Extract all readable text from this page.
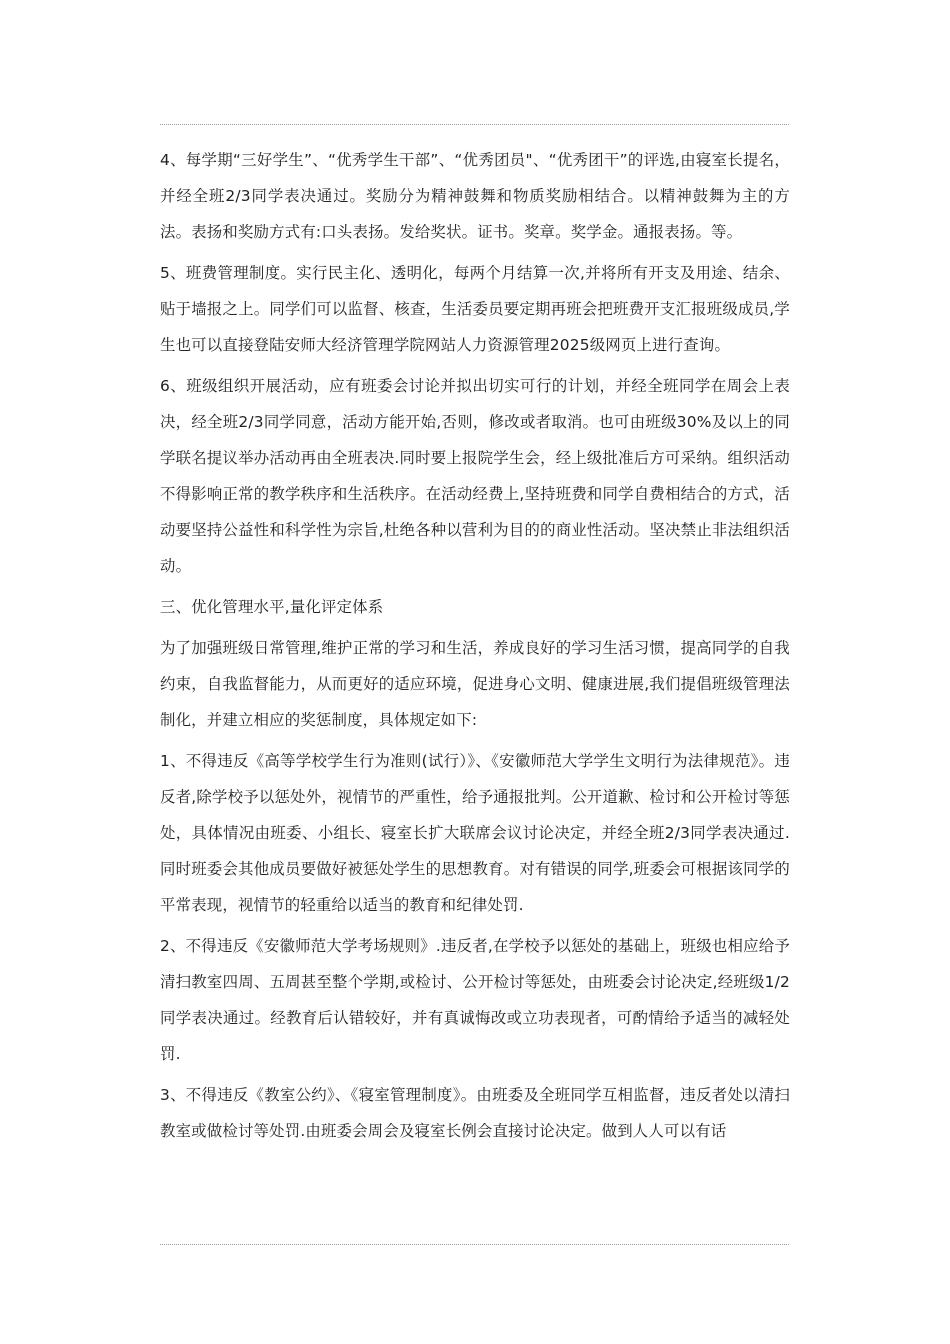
4、每学期“三好学生”、“优秀学生干部”、“优秀团员"、“优秀团干”的评选,由寝室长提名，并经全班2/3同学表决通过。奖励分为精神鼓舞和物质奖励相结合。以精神鼓舞为主的方法。表扬和奖励方式有:口头表扬。发给奖状。证书。奖章。奖学金。通报表扬。等。

5、班费管理制度。实行民主化、透明化，每两个月结算一次,并将所有开支及用途、结余、贴于墙报之上。同学们可以监督、核查，生活委员要定期再班会把班费开支汇报班级成员,学生也可以直接登陆安师大经济管理学院网站人力资源管理2025级网页上进行查询。

6、班级组织开展活动，应有班委会讨论并拟出切实可行的计划，并经全班同学在周会上表决，经全班2/3同学同意，活动方能开始,否则，修改或者取消。也可由班级30%及以上的同学联名提议举办活动再由全班表决.同时要上报院学生会，经上级批准后方可采纳。组织活动不得影响正常的教学秩序和生活秩序。在活动经费上,坚持班费和同学自费相结合的方式，活动要坚持公益性和科学性为宗旨,杜绝各种以营利为目的的商业性活动。坚决禁止非法组织活动。

三、优化管理水平,量化评定体系

为了加强班级日常管理,维护正常的学习和生活，养成良好的学习生活习惯，提高同学的自我约束，自我监督能力，从而更好的适应环境，促进身心文明、健康进展,我们提倡班级管理法制化，并建立相应的奖惩制度，具体规定如下:

1、不得违反《高等学校学生行为准则(试行）》、《安徽师范大学学生文明行为法律规范》。违反者,除学校予以惩处外，视情节的严重性，给予通报批判。公开道歉、检讨和公开检讨等惩处，具体情况由班委、小组长、寝室长扩大联席会议讨论决定，并经全班2/3同学表决通过.同时班委会其他成员要做好被惩处学生的思想教育。对有错误的同学,班委会可根据该同学的平常表现，视情节的轻重给以适当的教育和纪律处罚.

2、不得违反《安徽师范大学考场规则》.违反者,在学校予以惩处的基础上，班级也相应给予清扫教室四周、五周甚至整个学期,或检讨、公开检讨等惩处，由班委会讨论决定,经班级1/2同学表决通过。经教育后认错较好，并有真诚悔改或立功表现者，可酌情给予适当的减轻处罚.

3、不得违反《教室公约》、《寝室管理制度》。由班委及全班同学互相监督，违反者处以清扫教室或做检讨等处罚.由班委会周会及寝室长例会直接讨论决定。做到人人可以有话
